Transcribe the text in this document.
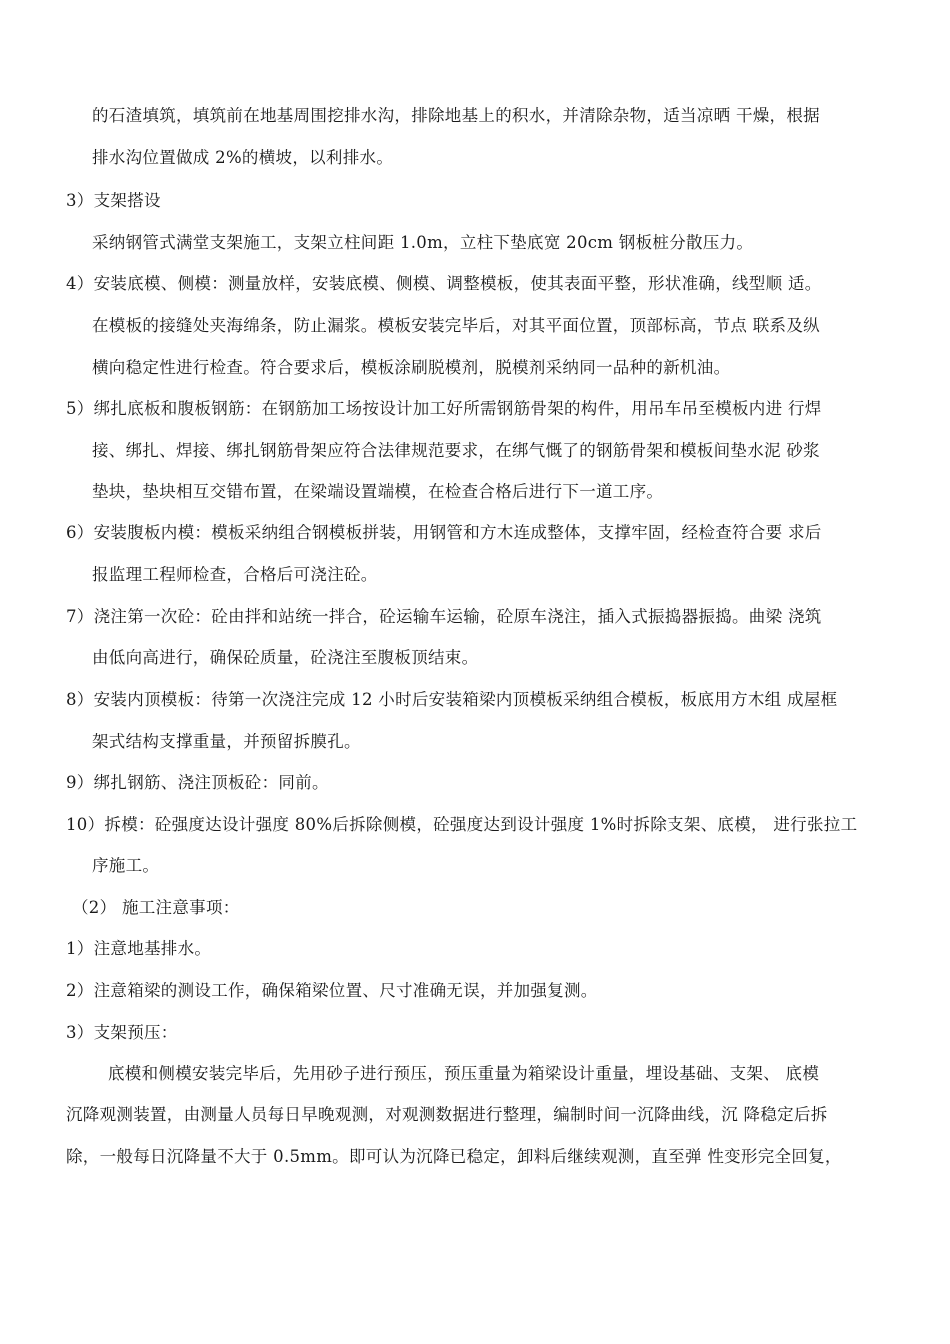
的石渣填筑，填筑前在地基周围挖排水沟，排除地基上的积水，并清除杂物，适当凉晒 干燥，根据
排水沟位置做成 2%的横坡，以利排水。
3）支架搭设
采纳钢管式满堂支架施工，支架立柱间距 1.0m，立柱下垫底宽 20cm 钢板桩分散压力。
4）安装底模、侧模：测量放样，安装底模、侧模、调整模板，使其表面平整，形状准确，线型顺 适。
在模板的接缝处夹海绵条，防止漏浆。模板安装完毕后，对其平面位置，顶部标高，节点 联系及纵
横向稳定性进行检查。符合要求后，模板涂刷脱模剂，脱模剂采纳同一品种的新机油。
5）绑扎底板和腹板钢筋：在钢筋加工场按设计加工好所需钢筋骨架的构件，用吊车吊至模板内进 行焊
接、绑扎、焊接、绑扎钢筋骨架应符合法律规范要求，在绑气慨了的钢筋骨架和模板间垫水泥 砂浆
垫块，垫块相互交错布置，在梁端设置端模，在检查合格后进行下一道工序。
6）安装腹板内模：模板采纳组合钢模板拼装，用钢管和方木连成整体，支撑牢固，经检查符合要 求后
报监理工程师检查，合格后可浇注砼。
7）浇注第一次砼：砼由拌和站统一拌合，砼运输车运输，砼原车浇注，插入式振捣器振捣。曲梁 浇筑
由低向高进行，确保砼质量，砼浇注至腹板顶结束。
8）安装内顶模板：待第一次浇注完成 12 小时后安装箱梁内顶模板采纳组合模板，板底用方木组 成屋框
架式结构支撑重量，并预留拆膜孔。
9）绑扎钢筋、浇注顶板砼：同前。
10）拆模：砼强度达设计强度 80%后拆除侧模，砼强度达到设计强度 1%时拆除支架、底模， 进行张拉工
序施工。
（2） 施工注意事项：
1）注意地基排水。
2）注意箱梁的测设工作，确保箱梁位置、尺寸准确无误，并加强复测。
3）支架预压：
底模和侧模安装完毕后，先用砂子进行预压，预压重量为箱梁设计重量，埋设基础、支架、 底模
沉降观测装置，由测量人员每日早晚观测，对观测数据进行整理，编制时间一沉降曲线，沉 降稳定后拆
除，一般每日沉降量不大于 0.5mm。即可认为沉降已稳定，卸料后继续观测，直至弹 性变形完全回复，
